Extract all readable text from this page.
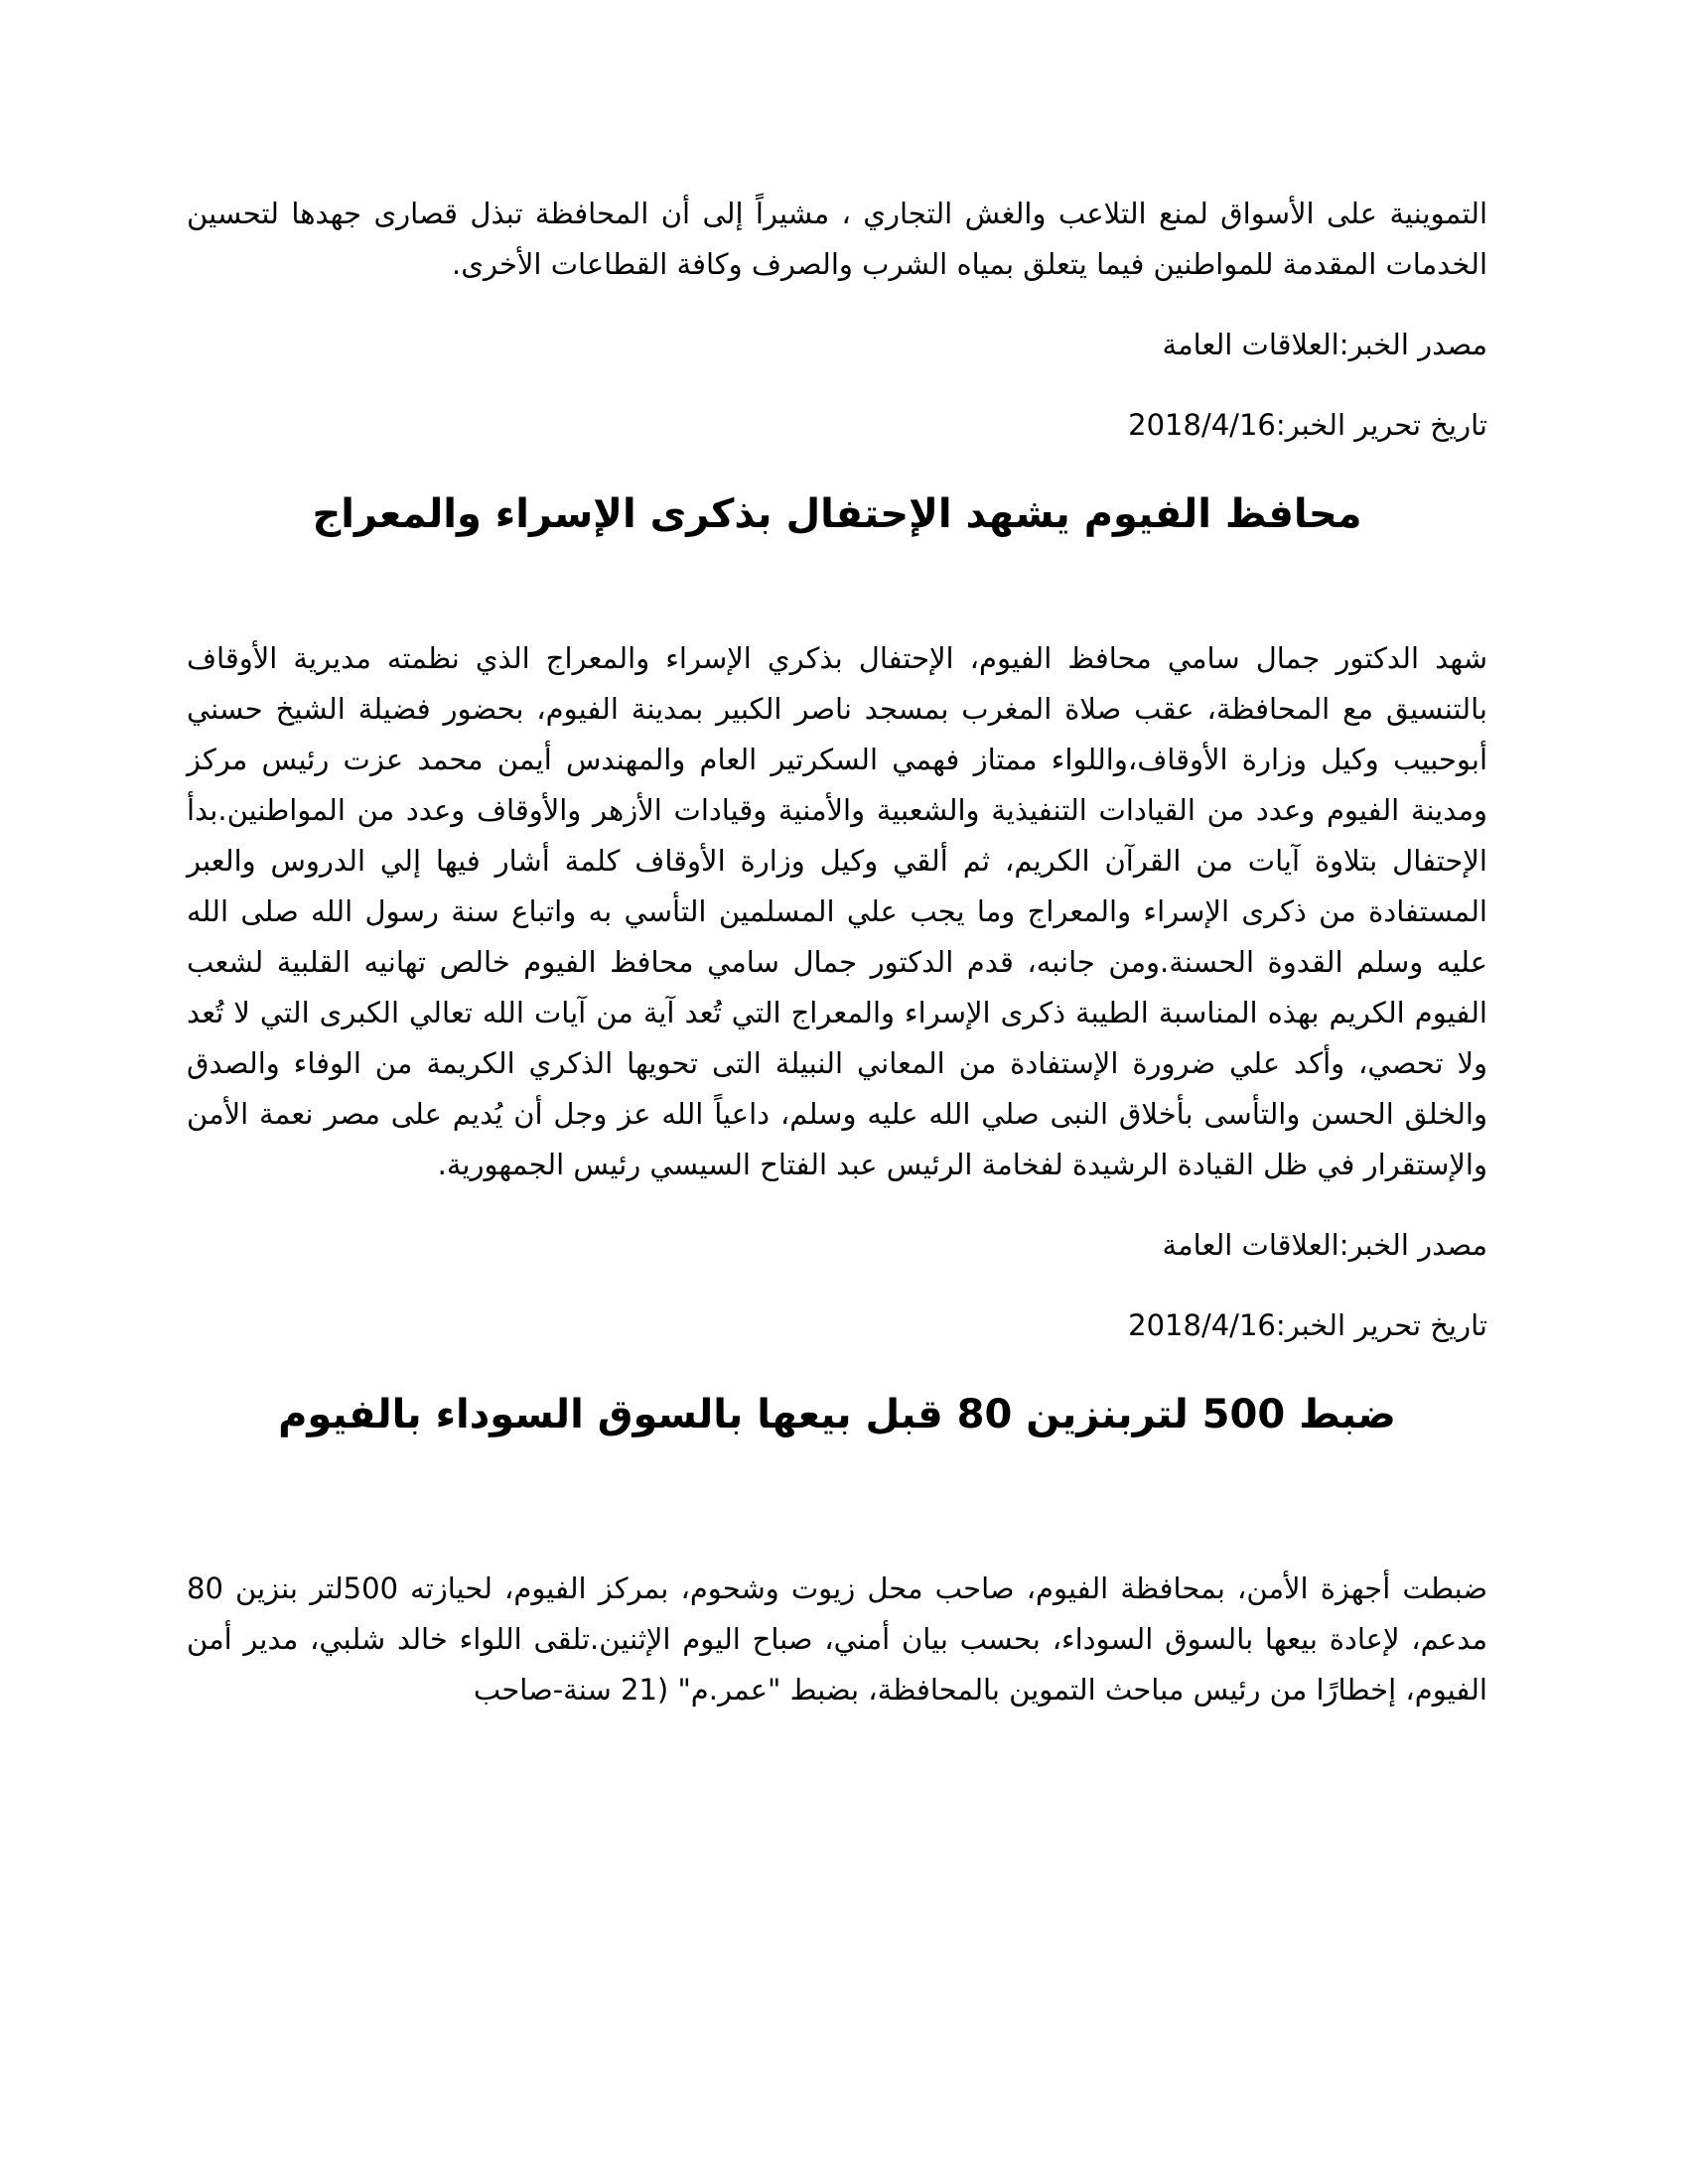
التموينية على الأسواق لمنع التلاعب والغش التجاري ، مشيراً إلى أن المحافظة تبذل قصارى جهدها لتحسين الخدمات المقدمة للمواطنين فيما يتعلق بمياه الشرب والصرف وكافة القطاعات الأخرى.

مصدر الخبر:العلاقات العامة

تاريخ تحرير الخبر:2018/4/16

محافظ الفيوم يشهد الإحتفال بذكرى الإسراء والمعراج

شهد الدكتور جمال سامي محافظ الفيوم، الإحتفال بذكري الإسراء والمعراج الذي نظمته مديرية الأوقاف بالتنسيق مع المحافظة، عقب صلاة المغرب بمسجد ناصر الكبير بمدينة الفيوم، بحضور فضيلة الشيخ حسني أبوحبيب وكيل وزارة الأوقاف،واللواء ممتاز فهمي السكرتير العام والمهندس أيمن محمد عزت رئيس مركز ومدينة الفيوم وعدد من القيادات التنفيذية والشعبية والأمنية وقيادات الأزهر والأوقاف وعدد من المواطنين.بدأ الإحتفال بتلاوة آيات من القرآن الكريم، ثم ألقي وكيل وزارة الأوقاف كلمة أشار فيها إلي الدروس والعبر المستفادة من ذكرى الإسراء والمعراج وما يجب علي المسلمين التأسي به واتباع سنة رسول الله صلى الله عليه وسلم القدوة الحسنة.ومن جانبه، قدم الدكتور جمال سامي محافظ الفيوم خالص تهانيه القلبية لشعب الفيوم الكريم بهذه المناسبة الطيبة ذكرى الإسراء والمعراج التي تُعد آية من آيات الله تعالي الكبرى التي لا تُعد ولا تحصي، وأكد علي ضرورة الإستفادة من المعاني النبيلة التى تحويها الذكري الكريمة من الوفاء والصدق والخلق الحسن والتأسى بأخلاق النبى صلي الله عليه وسلم، داعياً الله عز وجل أن يُديم على مصر نعمة الأمن والإستقرار في ظل القيادة الرشيدة لفخامة الرئيس عبد الفتاح السيسي رئيس الجمهورية.

مصدر الخبر:العلاقات العامة

تاريخ تحرير الخبر:2018/4/16

ضبط 500 لتربنزين 80 قبل بيعها بالسوق السوداء بالفيوم

ضبطت أجهزة الأمن، بمحافظة الفيوم، صاحب محل زيوت وشحوم، بمركز الفيوم، لحيازته 500لتر بنزين 80 مدعم، لإعادة بيعها بالسوق السوداء، بحسب بيان أمني، صباح اليوم الإثنين.تلقى اللواء خالد شلبي، مدير أمن الفيوم، إخطارًا من رئيس مباحث التموين بالمحافظة، بضبط "عمر.م" (21 سنة-صاحب
